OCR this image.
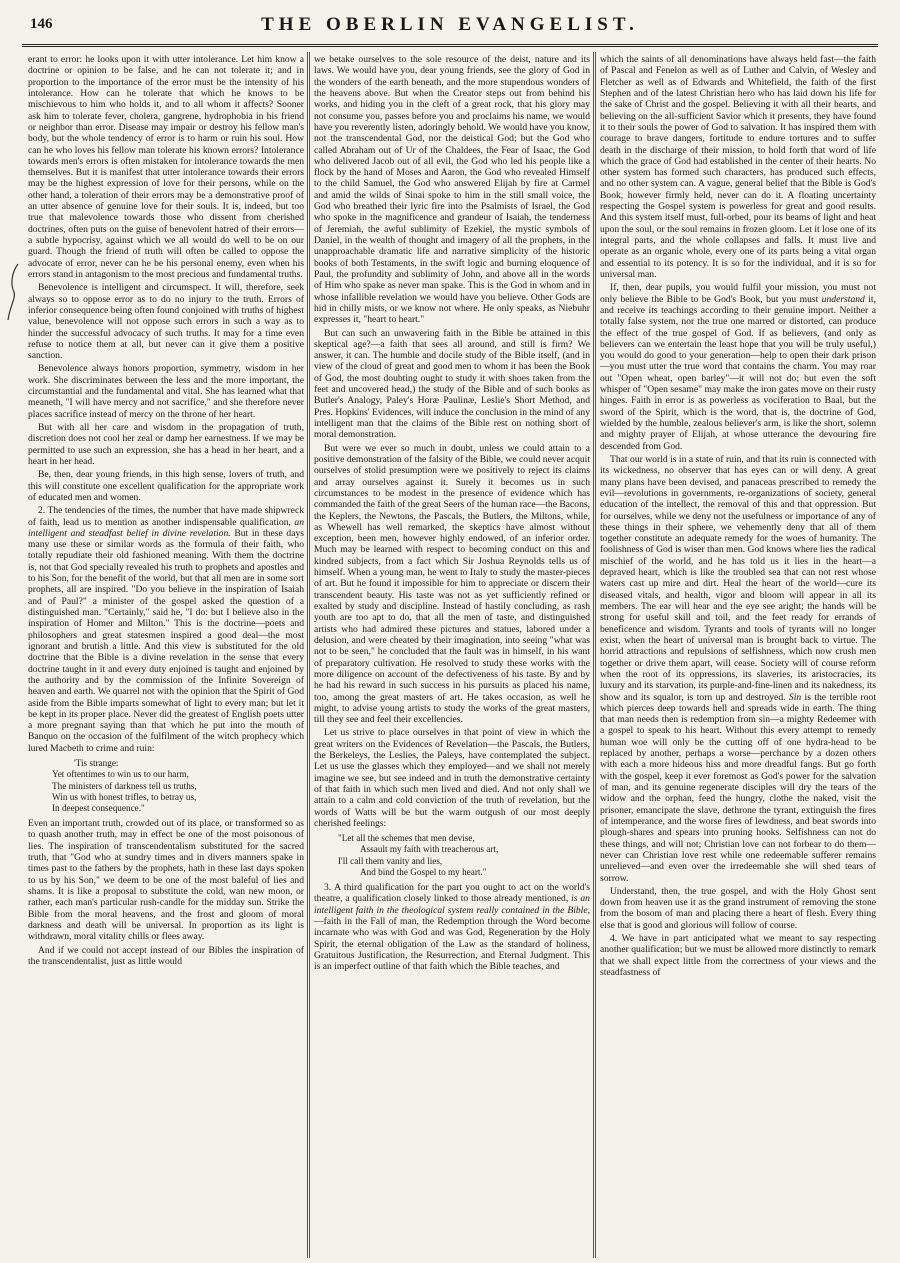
146	THE OBERLIN EVANGELIST.

erant to error: he looks upon it with utter intolerance. Let him know a doctrine or opinion to be false, and he can not tolerate it; and in proportion to the importance of the error must be the intensity of his intolerance. How can he tolerate that which he knows to be mischievous to him who holds it, and to all whom it affects? Sooner ask him to tolerate fever, cholera, gangrene, hydrophobia in his friend or neighbor than error. Disease may impair or destroy his fellow man's body, but the whole tendency of error is to harm or ruin his soul. How can he who loves his fellow man tolerate his known errors? Intolerance towards men's errors is often mistaken for intolerance towards the men themselves. But it is manifest that utter intolerance towards their errors may be the highest expression of love for their persons, while on the other hand, a toleration of their errors may be a demonstrative proof of an utter absence of genuine love for their souls. It is, indeed, but too true that malevolence towards those who dissent from cherished doctrines, often puts on the guise of benevolent hatred of their errors—a subtle hypocrisy, against which we all would do well to be on our guard. Though the friend of truth will often be called to oppose the advocate of error, never can he be his personal enemy, even when his errors stand in antagonism to the most precious and fundamental truths.

Benevolence is intelligent and circumspect. It will, therefore, seek always so to oppose error as to do no injury to the truth. Errors of inferior consequence being often found conjoined with truths of highest value, benevolence will not oppose such errors in such a way as to hinder the successful advocacy of such truths. It may for a time even refuse to notice them at all, but never can it give them a positive sanction.

Benevolence always honors proportion, symmetry, wisdom in her work. She discriminates between the less and the more important, the circumstantial and the fundamental and vital. She has learned what that meaneth, "I will have mercy and not sacrifice," and she therefore never places sacrifice instead of mercy on the throne of her heart.

But with all her care and wisdom in the propagation of truth, discretion does not cool her zeal or damp her earnestness. If we may be permitted to use such an expression, she has a head in her heart, and a heart in her head.

Be, then, dear young friends, in this high sense, lovers of truth, and this will constitute one excellent qualification for the appropriate work of educated men and women.

2. The tendencies of the times, the number that have made shipwreck of faith, lead us to mention as another indispensable qualification, an intelligent and steadfast belief in divine revelation. But in these days many use these or similar words as the formula of their faith, who totally repudiate their old fashioned meaning. With them the doctrine is, not that God specially revealed his truth to prophets and apostles and to his Son, for the benefit of the world, but that all men are in some sort prophets, all are inspired. "Do you believe in the inspiration of Isaiah and of Paul?" a minister of the gospel asked the question of a distinguished man. "Certainly," said he, "I do: but I believe also in the inspiration of Homer and Milton." This is the doctrine—poets and philosophers and great statesmen inspired a good deal—the most ignorant and brutish a little. And this view is substituted for the old doctrine that the Bible is a divine revelation in the sense that every doctrine taught in it and every duty enjoined is taught and enjoined by the authority and by the commission of the Infinite Sovereign of heaven and earth. We quarrel not with the opinion that the Spirit of God aside from the Bible imparts somewhat of light to every man; but let it be kept in its proper place. Never did the greatest of English poets utter a more pregnant saying than that which he put into the mouth of Banquo on the occasion of the fulfilment of the witch prophecy which lured Macbeth to crime and ruin:

'Tis strange:
Yet oftentimes to win us to our harm,
The ministers of darkness tell us truths,
Win us with honest trifles, to betray us,
In deepest consequence."

Even an important truth, crowded out of its place, or transformed so as to quash another truth, may in effect be one of the most poisonous of lies. The inspiration of transcendentalism substituted for the sacred truth, that "God who at sundry times and in divers manners spake in times past to the fathers by the prophets, hath in these last days spoken to us by his Son," we deem to be one of the most baleful of lies and shams. It is like a proposal to substitute the cold, wan new moon, or rather, each man's particular rush-candle for the midday sun. Strike the Bible from the moral heavens, and the frost and gloom of moral darkness and death will be universal. In proportion as its light is withdrawn, moral vitality chills or flees away.

And if we could not accept instead of our Bibles the inspiration of the transcendentalist, just as little would

we betake ourselves to the sole resource of the deist, nature and its laws. We would have you, dear young friends, see the glory of God in the wonders of the earth beneath, and the more stupendous wonders of the heavens above. But when the Creator steps out from behind his works, and hiding you in the cleft of a great rock, that his glory may not consume you, passes before you and proclaims his name, we would have you reverently listen, adoringly behold. We would have you know, not the transcendental God, nor the deistical God; but the God who called Abraham out of Ur of the Chaldees, the Fear of Isaac, the God who delivered Jacob out of all evil, the God who led his people like a flock by the hand of Moses and Aaron, the God who revealed Himself to the child Samuel, the God who answered Elijah by fire at Carmel and amid the wilds of Sinai spoke to him in the still small voice, the God who breathed their lyric fire into the Psalmists of Israel, the God who spoke in the magnificence and grandeur of Isaiah, the tenderness of Jeremiah, the awful sublimity of Ezekiel, the mystic symbols of Daniel, in the wealth of thought and imagery of all the prophets, in the unapproachable dramatic life and narrative simplicity of the historic books of both Testaments, in the swift logic and burning eloquence of Paul, the profundity and sublimity of John, and above all in the words of Him who spake as never man spake. This is the God in whom and in whose infallible revelation we would have you believe. Other Gods are hid in chilly mists, or we know not where. He only speaks, as Niebuhr expresses it, "heart to heart."

But can such an unwavering faith in the Bible be attained in this skeptical age?—a faith that sees all around, and still is firm? We answer, it can. The humble and docile study of the Bible itself, (and in view of the cloud of great and good men to whom it has been the Book of God, the most doubting ought to study it with shoes taken from the feet and uncovered head,) the study of the Bible and of such books as Butler's Analogy, Paley's Horæ Paulinæ, Leslie's Short Method, and Pres. Hopkins' Evidences, will induce the conclusion in the mind of any intelligent man that the claims of the Bible rest on nothing short of moral demonstration.

But were we ever so much in doubt, unless we could attain to a positive demonstration of the falsity of the Bible, we could never acquit ourselves of stolid presumption were we positively to reject its claims and array ourselves against it. Surely it becomes us in such circumstances to be modest in the presence of evidence which has commanded the faith of the great Seers of the human race—the Bacons, the Keplers, the Newtons, the Pascals, the Butlers, the Miltons, while, as Whewell has well remarked, the skeptics have almost without exception, been men, however highly endowed, of an inferior order. Much may be learned with respect to becoming conduct on this and kindred subjects, from a fact which Sir Joshua Reynolds tells us of himself. When a young man, he went to Italy to study the master-pieces of art. But he found it impossible for him to appreciate or discern their transcendent beauty. His taste was not as yet sufficiently refined or exalted by study and discipline. Instead of hastily concluding, as rash youth are too apt to do, that all the men of taste, and distinguished artists who had admired these pictures and statues, labored under a delusion, and were cheated by their imagination, into seeing "what was not to be seen," he concluded that the fault was in himself, in his want of preparatory cultivation. He resolved to study these works with the more diligence on account of the defectiveness of his taste. By and by he had his reward in such success in his pursuits as placed his name, too, among the great masters of art. He takes occasion, as well he might, to advise young artists to study the works of the great masters, till they see and feel their excellencies.

Let us strive to place ourselves in that point of view in which the great writers on the Evidences of Revelation—the Pascals, the Butlers, the Berkeleys, the Leslies, the Paleys, have contemplated the subject. Let us use the glasses which they employed—and we shall not merely imagine we see, but see indeed and in truth the demonstrative certainty of that faith in which such men lived and died. And not only shall we attain to a calm and cold conviction of the truth of revelation, but the words of Watts will be but the warm outgush of our most deeply cherished feelings:

"Let all the schemes that men devise,
Assault my faith with treacherous art,
I'll call them vanity and lies,
And bind the Gospel to my heart."

3. A third qualification for the part you ought to act on the world's theatre, a qualification closely linked to those already mentioned, is an intelligent faith in the theological system really contained in the Bible,—faith in the Fall of man, the Redemption through the Word become incarnate who was with God and was God, Regeneration by the Holy Spirit, the eternal obligation of the Law as the standard of holiness, Gratuitous Justification, the Resurrection, and Eternal Judgment. This is an imperfect outline of that faith which the Bible teaches, and

which the saints of all denominations have always held fast—the faith of Pascal and Fenelon as well as of Luther and Calvin, of Wesley and Fletcher as well as of Edwards and Whitefield, the faith of the first Stephen and of the latest Christian hero who has laid down his life for the sake of Christ and the gospel. Believing it with all their hearts, and believing on the all-sufficient Savior which it presents, they have found it to their souls the power of God to salvation. It has inspired them with courage to brave dangers, fortitude to endure tortures and to suffer death in the discharge of their mission, to hold forth that word of life which the grace of God had established in the center of their hearts. No other system has formed such characters, has produced such effects, and no other system can. A vague, general belief that the Bible is God's Book, however firmly held, never can do it. A floating uncertainty respecting the Gospel system is powerless for great and good results. And this system itself must, full-orbed, pour its beams of light and heat upon the soul, or the soul remains in frozen gloom. Let it lose one of its integral parts, and the whole collapses and falls. It must live and operate as an organic whole, every one of its parts being a vital organ and essential to its potency. It is so for the individual, and it is so for universal man.

If, then, dear pupils, you would fulfil your mission, you must not only believe the Bible to be God's Book, but you must understand it, and receive its teachings according to their genuine import. Neither a totally false system, nor the true one marred or distorted, can produce the effect of the true gospel of God. If as believers, (and only as believers can we entertain the least hope that you will be truly useful,) you would do good to your generation—help to open their dark prison—you must utter the true word that contains the charm. You may roar out "Open wheat, open barley"—it will not do; but even the soft whisper of "Open sesame" may make the iron gates move on their rusty hinges. Faith in error is as powerless as vociferation to Baal, but the sword of the Spirit, which is the word, that is, the doctrine of God, wielded by the humble, zealous believer's arm, is like the short, solemn and mighty prayer of Elijah, at whose utterance the devouring fire descended from God.

That our world is in a state of ruin, and that its ruin is connected with its wickedness, no observer that has eyes can or will deny. A great many plans have been devised, and panaceas prescribed to remedy the evil—revolutions in governments, re-organizations of society, general education of the intellect, the removal of this and that oppression. But for ourselves, while we deny not the usefulness or importance of any of these things in their sphere, we vehemently deny that all of them together constitute an adequate remedy for the woes of humanity. The foolishness of God is wiser than men. God knows where lies the radical mischief of the world, and he has told us it lies in the heart—a depraved heart, which is like the troubled sea that can not rest whose waters cast up mire and dirt. Heal the heart of the world—cure its diseased vitals, and health, vigor and bloom will appear in all its members. The ear will hear and the eye see aright; the hands will be strong for useful skill and toil, and the feet ready for errands of beneficence and wisdom. Tyrants and tools of tyrants will no longer exist, when the heart of universal man is brought back to virtue. The horrid attractions and repulsions of selfishness, which now crush men together or drive them apart, will cease. Society will of course reform when the root of its oppressions, its slaveries, its aristocracies, its luxury and its starvation, its purple-and-fine-linen and its nakedness, its show and its squalor, is torn up and destroyed. Sin is the terrible root which pierces deep towards hell and spreads wide in earth. The thing that man needs then is redemption from sin—a mighty Redeemer with a gospel to speak to his heart. Without this every attempt to remedy human woe will only be the cutting off of one hydra-head to be replaced by another, perhaps a worse—perchance by a dozen others with each a more hideous hiss and more dreadful fangs. But go forth with the gospel, keep it ever foremost as God's power for the salvation of man, and its genuine regenerate disciples will dry the tears of the widow and the orphan, feed the hungry, clothe the naked, visit the prisoner, emancipate the slave, dethrone the tyrant, extinguish the fires of intemperance, and the worse fires of lewdness, and beat swords into plough-shares and spears into pruning hooks. Selfishness can not do these things, and will not; Christian love can not forbear to do them—never can Christian love rest while one redeemable sufferer remains unrelieved—and even over the irredeemable she will shed tears of sorrow.

Understand, then, the true gospel, and with the Holy Ghost sent down from heaven use it as the grand instrument of removing the stone from the bosom of man and placing there a heart of flesh. Every thing else that is good and glorious will follow of course.

4. We have in part anticipated what we meant to say respecting another qualification; but we must be allowed more distinctly to remark that we shall expect little from the correctness of your views and the steadfastness of
